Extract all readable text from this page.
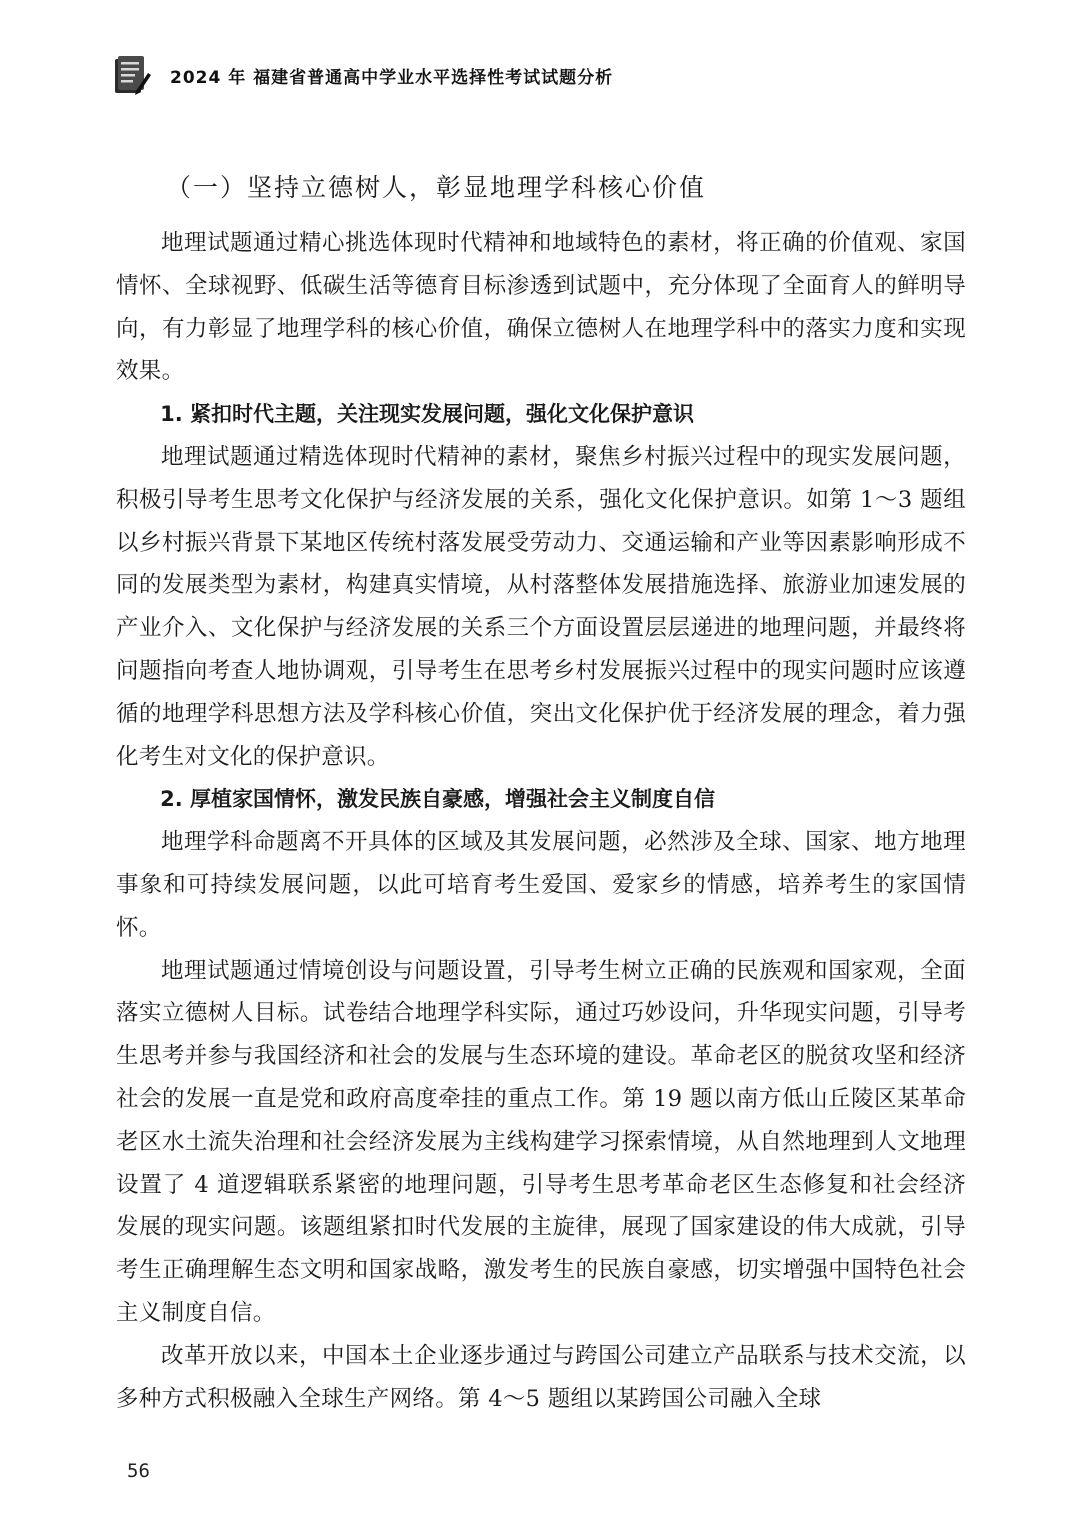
2024 年 福建省普通高中学业水平选择性考试试题分析
（一）坚持立德树人，彰显地理学科核心价值

地理试题通过精心挑选体现时代精神和地域特色的素材，将正确的价值观、家国情怀、全球视野、低碳生活等德育目标渗透到试题中，充分体现了全面育人的鲜明导向，有力彰显了地理学科的核心价值，确保立德树人在地理学科中的落实力度和实现效果。

1. 紧扣时代主题，关注现实发展问题，强化文化保护意识

地理试题通过精选体现时代精神的素材，聚焦乡村振兴过程中的现实发展问题，积极引导考生思考文化保护与经济发展的关系，强化文化保护意识。如第 1～3 题组以乡村振兴背景下某地区传统村落发展受劳动力、交通运输和产业等因素影响形成不同的发展类型为素材，构建真实情境，从村落整体发展措施选择、旅游业加速发展的产业介入、文化保护与经济发展的关系三个方面设置层层递进的地理问题，并最终将问题指向考查人地协调观，引导考生在思考乡村发展振兴过程中的现实问题时应该遵循的地理学科思想方法及学科核心价值，突出文化保护优于经济发展的理念，着力强化考生对文化的保护意识。

2. 厚植家国情怀，激发民族自豪感，增强社会主义制度自信

地理学科命题离不开具体的区域及其发展问题，必然涉及全球、国家、地方地理事象和可持续发展问题，以此可培育考生爱国、爱家乡的情感，培养考生的家国情怀。

地理试题通过情境创设与问题设置，引导考生树立正确的民族观和国家观，全面落实立德树人目标。试卷结合地理学科实际，通过巧妙设问，升华现实问题，引导考生思考并参与我国经济和社会的发展与生态环境的建设。革命老区的脱贫攻坚和经济社会的发展一直是党和政府高度牵挂的重点工作。第 19 题以南方低山丘陵区某革命老区水土流失治理和社会经济发展为主线构建学习探索情境，从自然地理到人文地理设置了 4 道逻辑联系紧密的地理问题，引导考生思考革命老区生态修复和社会经济发展的现实问题。该题组紧扣时代发展的主旋律，展现了国家建设的伟大成就，引导考生正确理解生态文明和国家战略，激发考生的民族自豪感，切实增强中国特色社会主义制度自信。

改革开放以来，中国本土企业逐步通过与跨国公司建立产品联系与技术交流，以多种方式积极融入全球生产网络。第 4～5 题组以某跨国公司融入全球

56
